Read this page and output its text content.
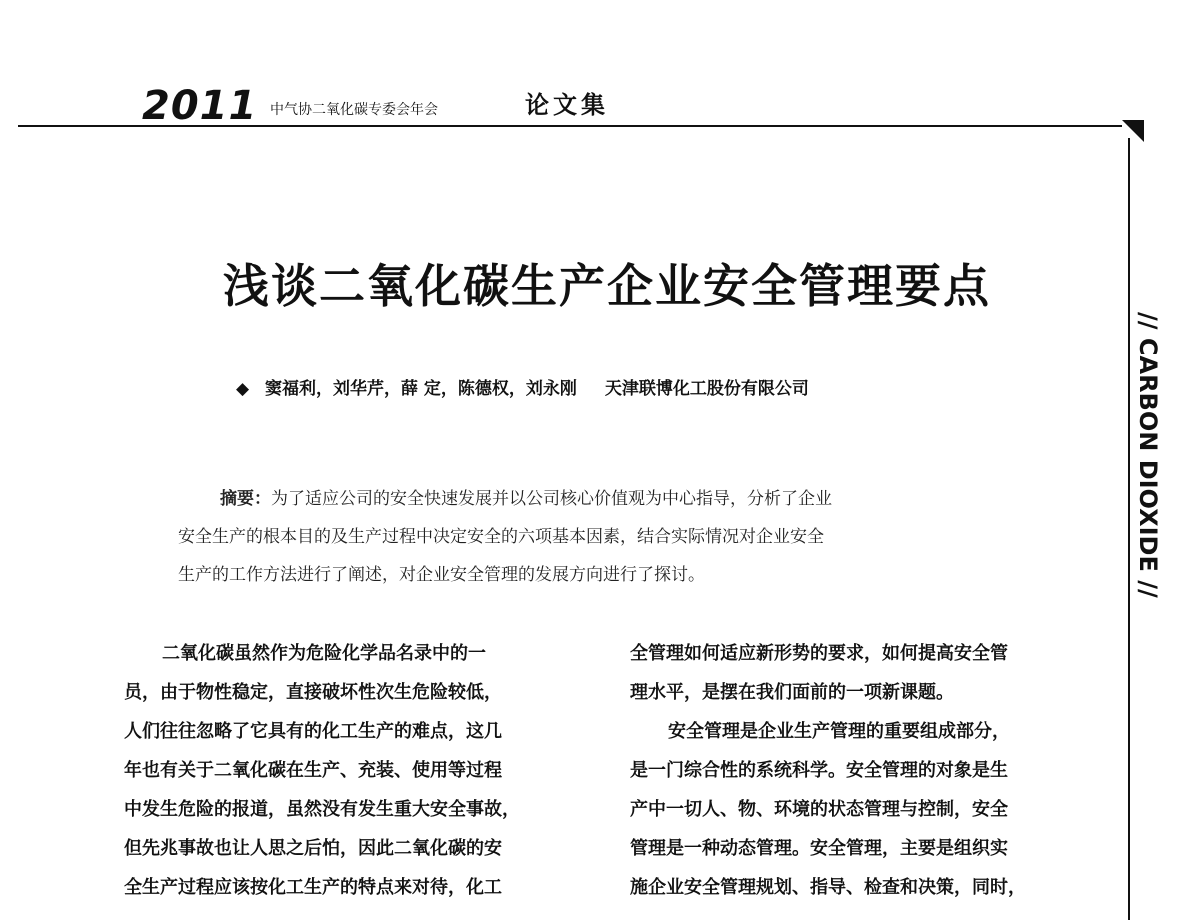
2011 中气协二氧化碳专委会年会	论文集
// CARBON DIOXIDE //
浅谈二氧化碳生产企业安全管理要点
◆ 窦福利，刘华芹，薛 定，陈德权，刘永刚 天津联博化工股份有限公司

摘要：为了适应公司的安全快速发展并以公司核心价值观为中心指导，分析了企业

安全生产的根本目的及生产过程中决定安全的六项基本因素，结合实际情况对企业安全

生产的工作方法进行了阐述，对企业安全管理的发展方向进行了探讨。

二氧化碳虽然作为危险化学品名录中的一

员，由于物性稳定，直接破坏性次生危险较低，

人们往往忽略了它具有的化工生产的难点，这几

年也有关于二氧化碳在生产、充装、使用等过程

中发生危险的报道，虽然没有发生重大安全事故，

但先兆事故也让人思之后怕，因此二氧化碳的安

全生产过程应该按化工生产的特点来对待，化工

全管理如何适应新形势的要求，如何提高安全管

理水平，是摆在我们面前的一项新课题。

安全管理是企业生产管理的重要组成部分，

是一门综合性的系统科学。安全管理的对象是生

产中一切人、物、环境的状态管理与控制，安全

管理是一种动态管理。安全管理，主要是组织实

施企业安全管理规划、指导、检查和决策，同时，
